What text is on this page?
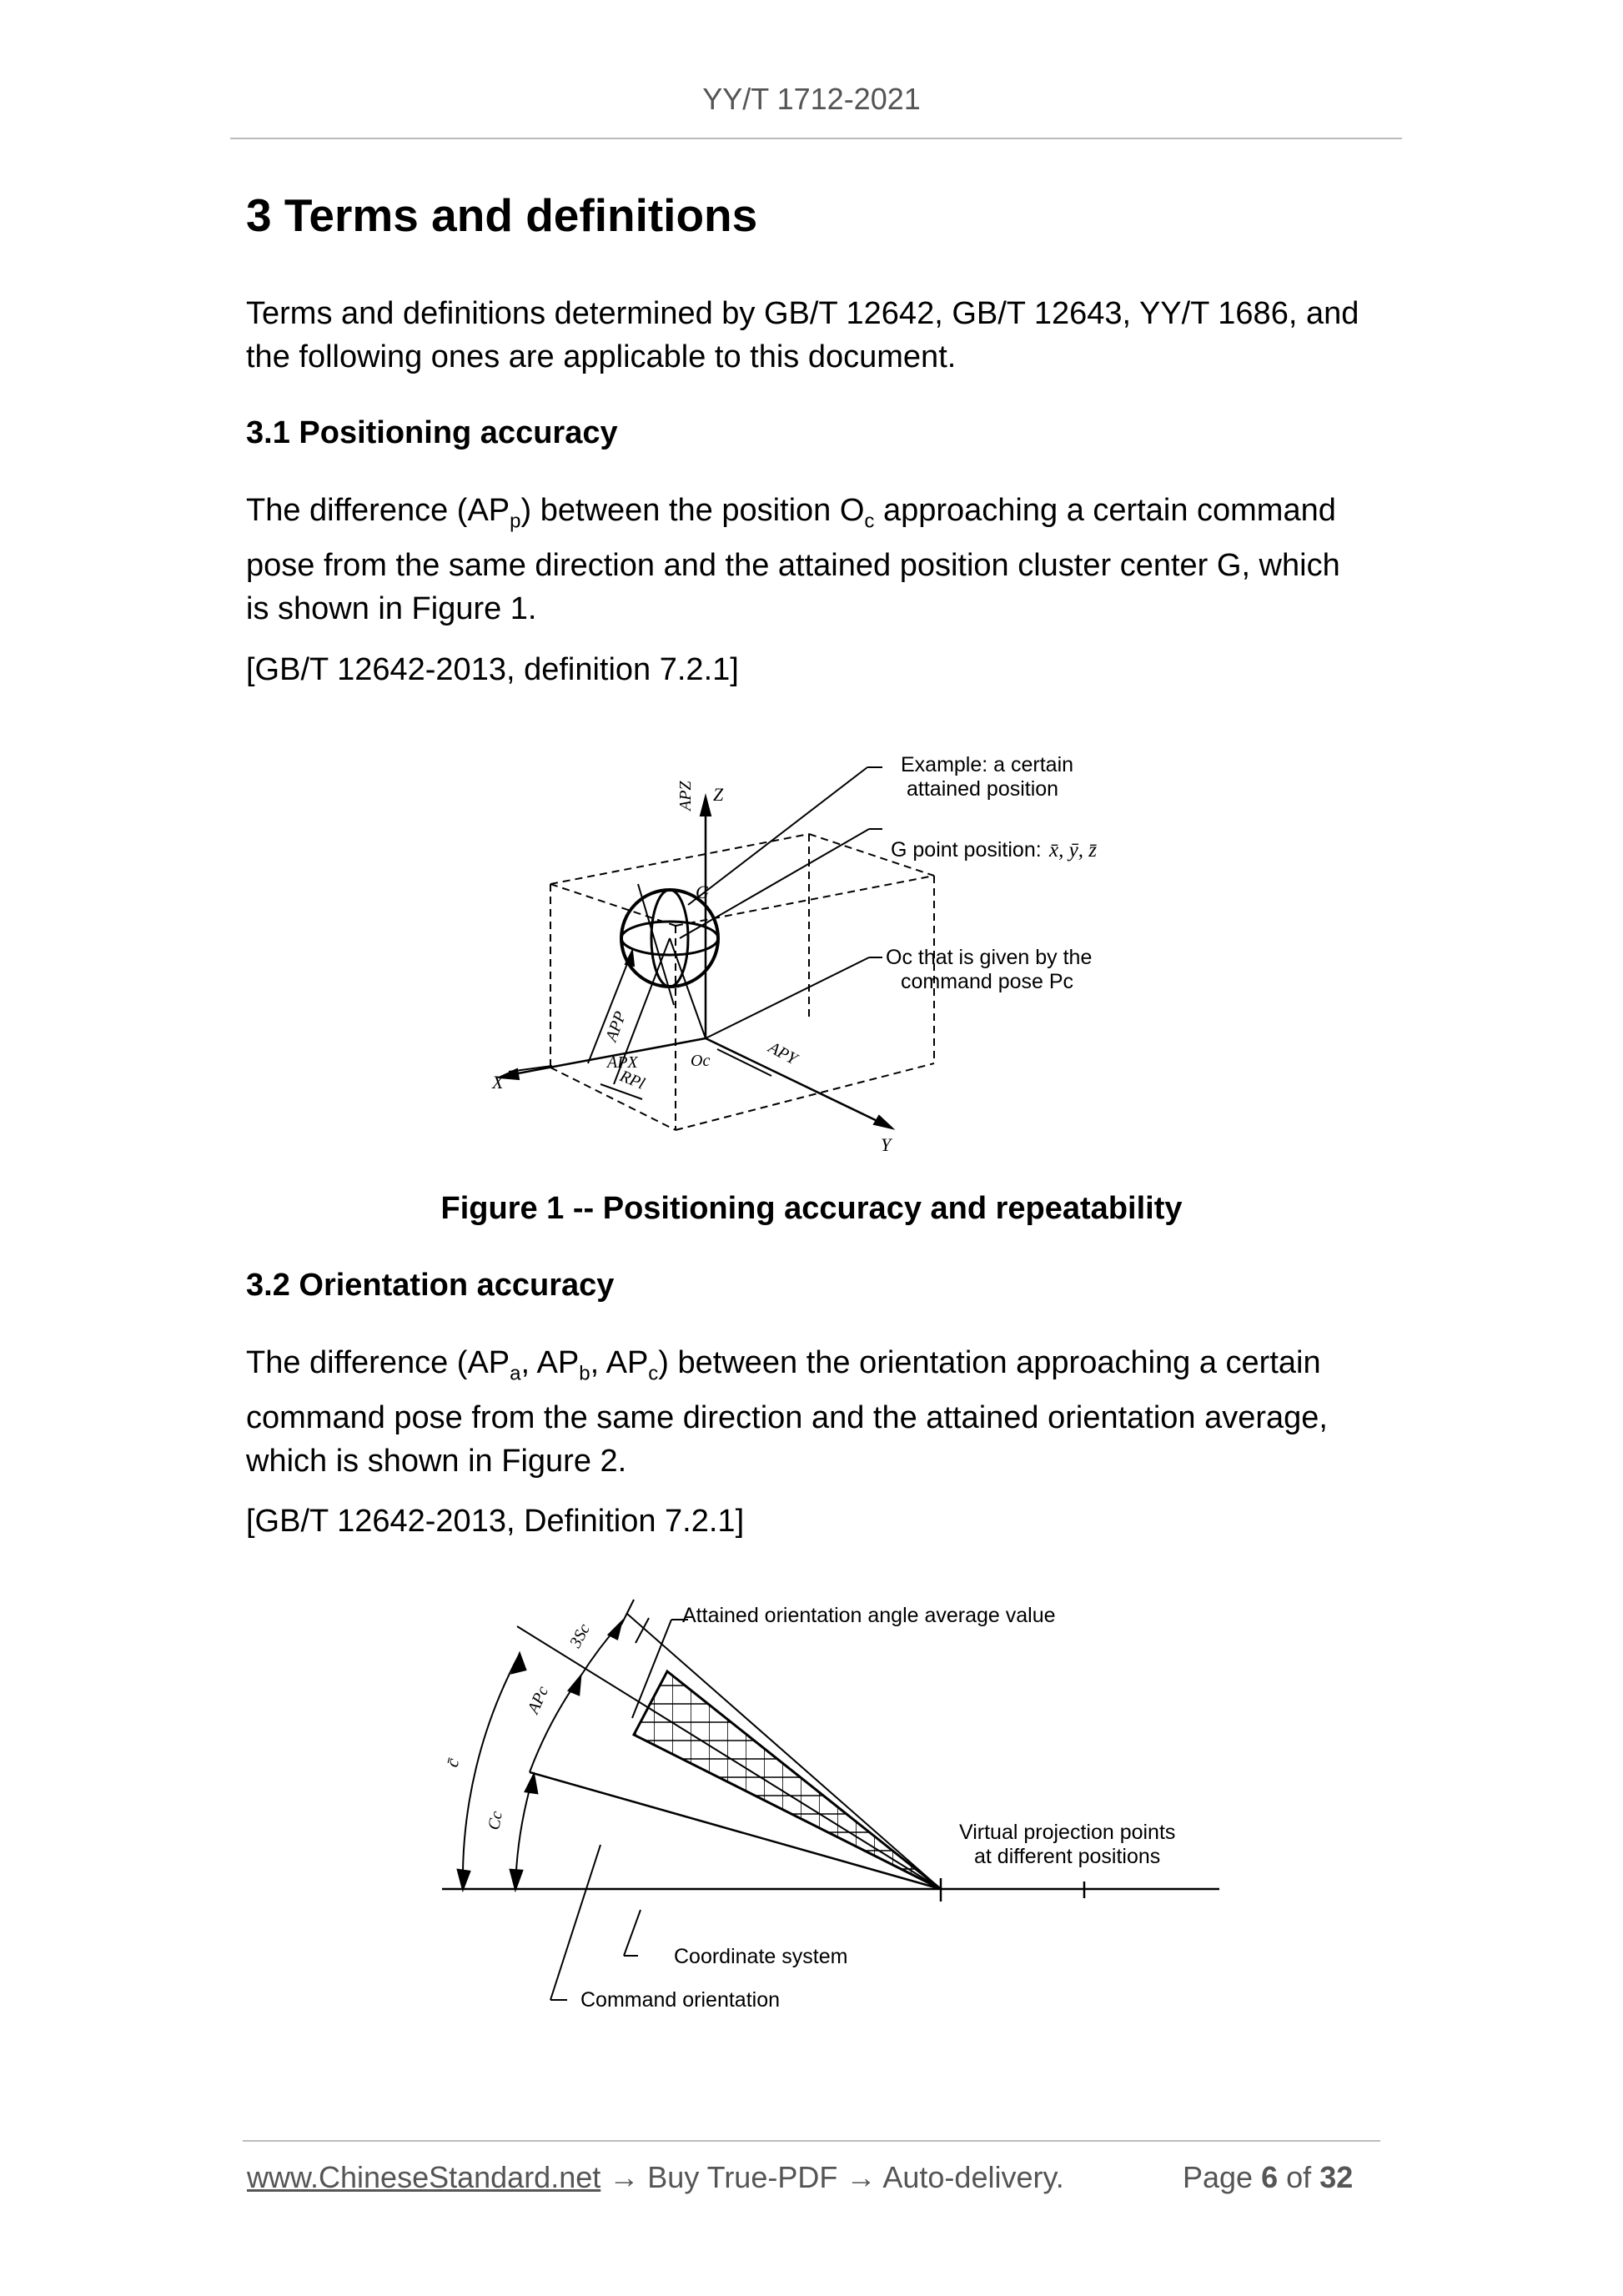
YY/T 1712-2021
3 Terms and definitions
Terms and definitions determined by GB/T 12642, GB/T 12643, YY/T 1686, and
the following ones are applicable to this document.
3.1 Positioning accuracy
The difference $(AP_p)$ between the position $O_c$ approaching a certain command
pose from the same direction and the attained position cluster center G, which
is shown in Figure 1.
[GB/T 12642-2013, definition 7.2.1]
G
Z
X
Y
APZ
APP
APX	APY
RPl
Oc
Example: a certain
attained position
G point position: x̄, ȳ, z̄
Oc that is given by the
command pose Pc
Figure 1 -- Positioning accuracy and repeatability
3.2 Orientation accuracy
The difference ($AP_a$, $AP_b$, $AP_c$) between the orientation approaching a certain
command pose from the same direction and the attained orientation average,
which is shown in Figure 2.
[GB/T 12642-2013, Definition 7.2.1]
Attained orientation angle average value
Virtual projection points
at different positions
Coordinate system
Command orientation
3Sc
APc
c̄
Cc
www.ChineseStandard.net → Buy True-PDF → Auto-delivery.	Page 6 of 32
